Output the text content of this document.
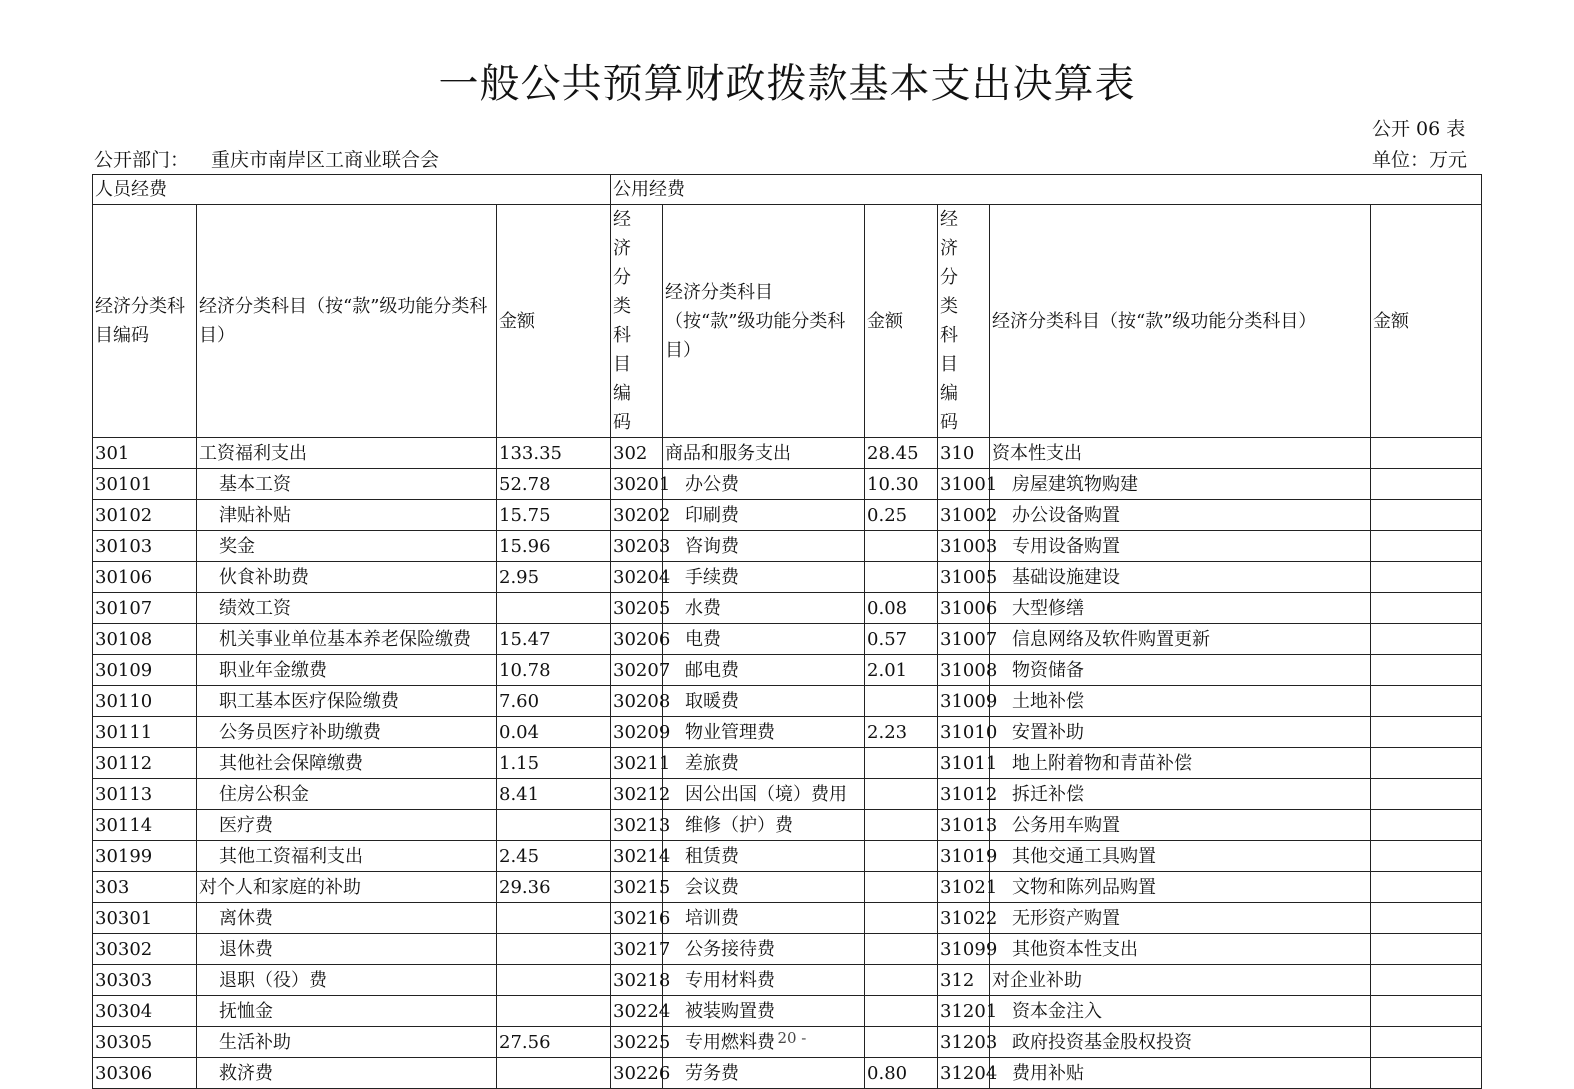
一般公共预算财政拨款基本支出决算表
公开 06 表
公开部门： 重庆市南岸区工商业联合会	单位：万元
人员经费			公用经费					
经济分类科目编码	经济分类科目（按“款”级功能分类科目）	金额	经济分类科目编码	经济分类科目（按“款”级功能分类科目）	金额	经济分类科目编码	经济分类科目（按“款”级功能分类科目）	金额
301	工资福利支出	133.35	302	商品和服务支出	28.45	310	资本性支出	
30101	基本工资	52.78	30201	办公费	10.30	31001	房屋建筑物购建	
30102	津贴补贴	15.75	30202	印刷费	0.25	31002	办公设备购置	
30103	奖金	15.96	30203	咨询费		31003	专用设备购置	
30106	伙食补助费	2.95	30204	手续费		31005	基础设施建设	
30107	绩效工资		30205	水费	0.08	31006	大型修缮	
30108	机关事业单位基本养老保险缴费	15.47	30206	电费	0.57	31007	信息网络及软件购置更新	
30109	职业年金缴费	10.78	30207	邮电费	2.01	31008	物资储备	
30110	职工基本医疗保险缴费	7.60	30208	取暖费		31009	土地补偿	
30111	公务员医疗补助缴费	0.04	30209	物业管理费	2.23	31010	安置补助	
30112	其他社会保障缴费	1.15	30211	差旅费		31011	地上附着物和青苗补偿	
30113	住房公积金	8.41	30212	因公出国（境）费用		31012	拆迁补偿	
30114	医疗费		30213	维修（护）费		31013	公务用车购置	
30199	其他工资福利支出	2.45	30214	租赁费		31019	其他交通工具购置	
303	对个人和家庭的补助	29.36	30215	会议费		31021	文物和陈列品购置	
30301	离休费		30216	培训费		31022	无形资产购置	
30302	退休费		30217	公务接待费		31099	其他资本性支出	
30303	退职（役）费		30218	专用材料费		312	对企业补助	
30304	抚恤金		30224	被装购置费		31201	资本金注入	
30305	生活补助	27.56	30225	专用燃料费		31203	政府投资基金股权投资	
30306	救济费		30226	劳务费	0.80	31204	费用补贴	
- 20 -
